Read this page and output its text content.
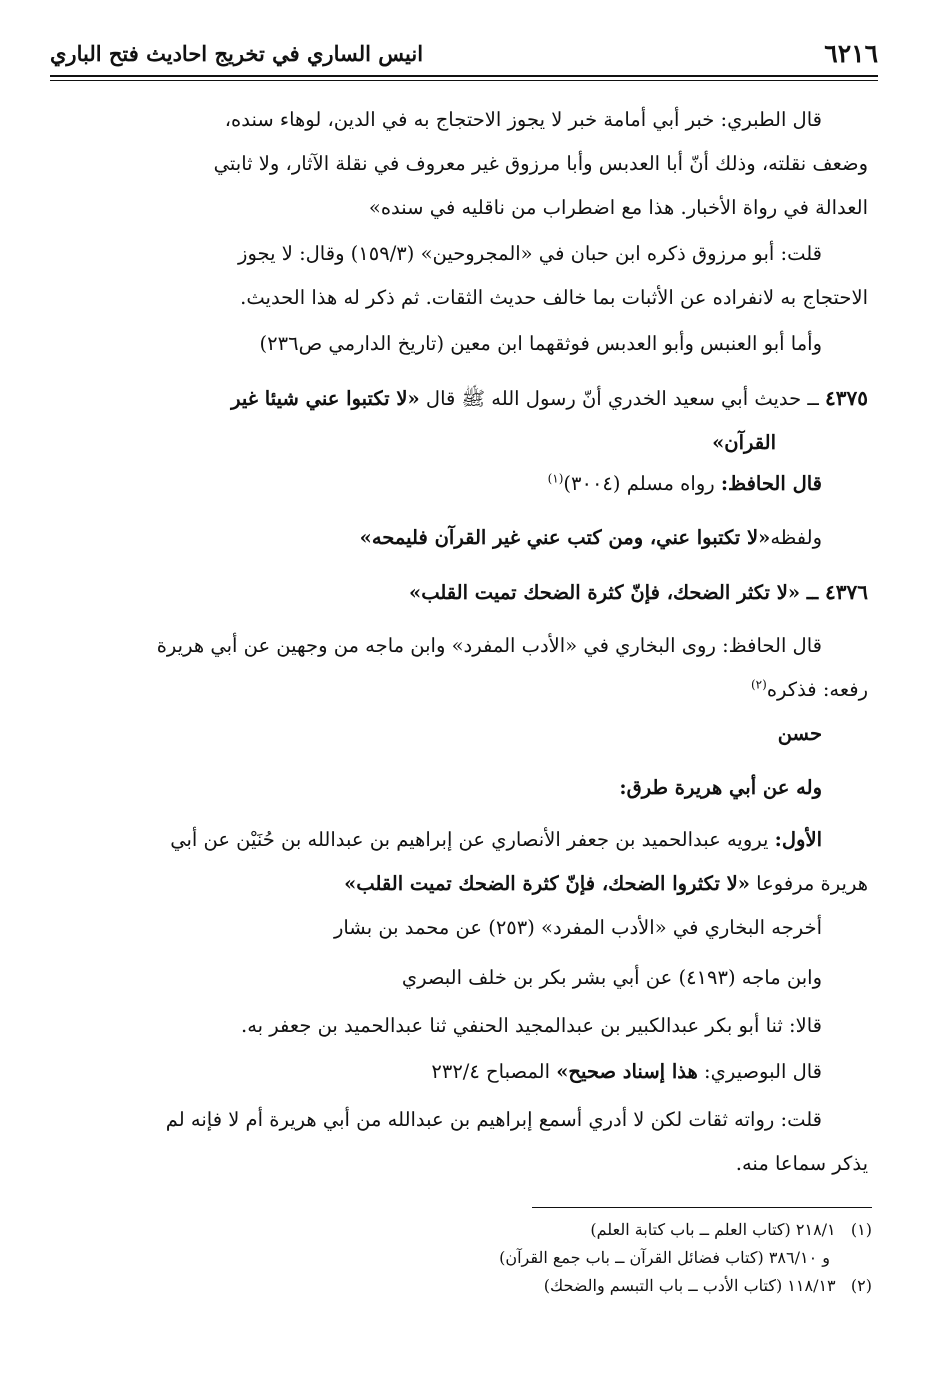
٦٢١٦
انيس الساري في تخريج احاديث فتح الباري
قال الطبري: خبر أبي أمامة خبر لا يجوز الاحتجاج به في الدين، لوهاء سنده،
وضعف نقلته، وذلك أنّ أبا العدبس وأبا مرزوق غير معروف في نقلة الآثار، ولا ثابتي
العدالة في رواة الأخبار. هذا مع اضطراب من ناقليه في سنده»
قلت: أبو مرزوق ذكره ابن حبان في «المجروحين» (١٥٩/٣) وقال: لا يجوز
الاحتجاج به لانفراده عن الأثبات بما خالف حديث الثقات. ثم ذكر له هذا الحديث.
وأما أبو العنبس وأبو العدبس فوثقهما ابن معين (تاريخ الدارمي ص٢٣٦)
٤٣٧٥ ــ حديث أبي سعيد الخدري أنّ رسول الله ﷺ قال «لا تكتبوا عني شيئا غير
القرآن»
قال الحافظ: رواه مسلم (٣٠٠٤)$^{(١)}$
ولفظه«لا تكتبوا عني، ومن كتب عني غير القرآن فليمحه»
٤٣٧٦ ــ «لا تكثر الضحك، فإنّ كثرة الضحك تميت القلب»
قال الحافظ: روى البخاري في «الأدب المفرد» وابن ماجه من وجهين عن أبي هريرة
رفعه: فذكره$^{(٢)}$
حسن
وله عن أبي هريرة طرق:
الأول: يرويه عبدالحميد بن جعفر الأنصاري عن إبراهيم بن عبدالله بن حُنَيْن عن أبي
هريرة مرفوعا «لا تكثروا الضحك، فإنّ كثرة الضحك تميت القلب»
أخرجه البخاري في «الأدب المفرد» (٢٥٣) عن محمد بن بشار
وابن ماجه (٤١٩٣) عن أبي بشر بكر بن خلف البصري
قالا: ثنا أبو بكر عبدالكبير بن عبدالمجيد الحنفي ثنا عبدالحميد بن جعفر به.
قال البوصيري: هذا إسناد صحيح» المصباح ٢٣٢/٤
قلت: رواته ثقات لكن لا أدري أسمع إبراهيم بن عبدالله من أبي هريرة أم لا فإنه لم
يذكر سماعا منه.
(١)   ٢١٨/١ (كتاب العلم ــ باب كتابة العلم)
و ٣٨٦/١٠ (كتاب فضائل القرآن ــ باب جمع القرآن)
(٢)   ١١٨/١٣ (كتاب الأدب ــ باب التبسم والضحك)
